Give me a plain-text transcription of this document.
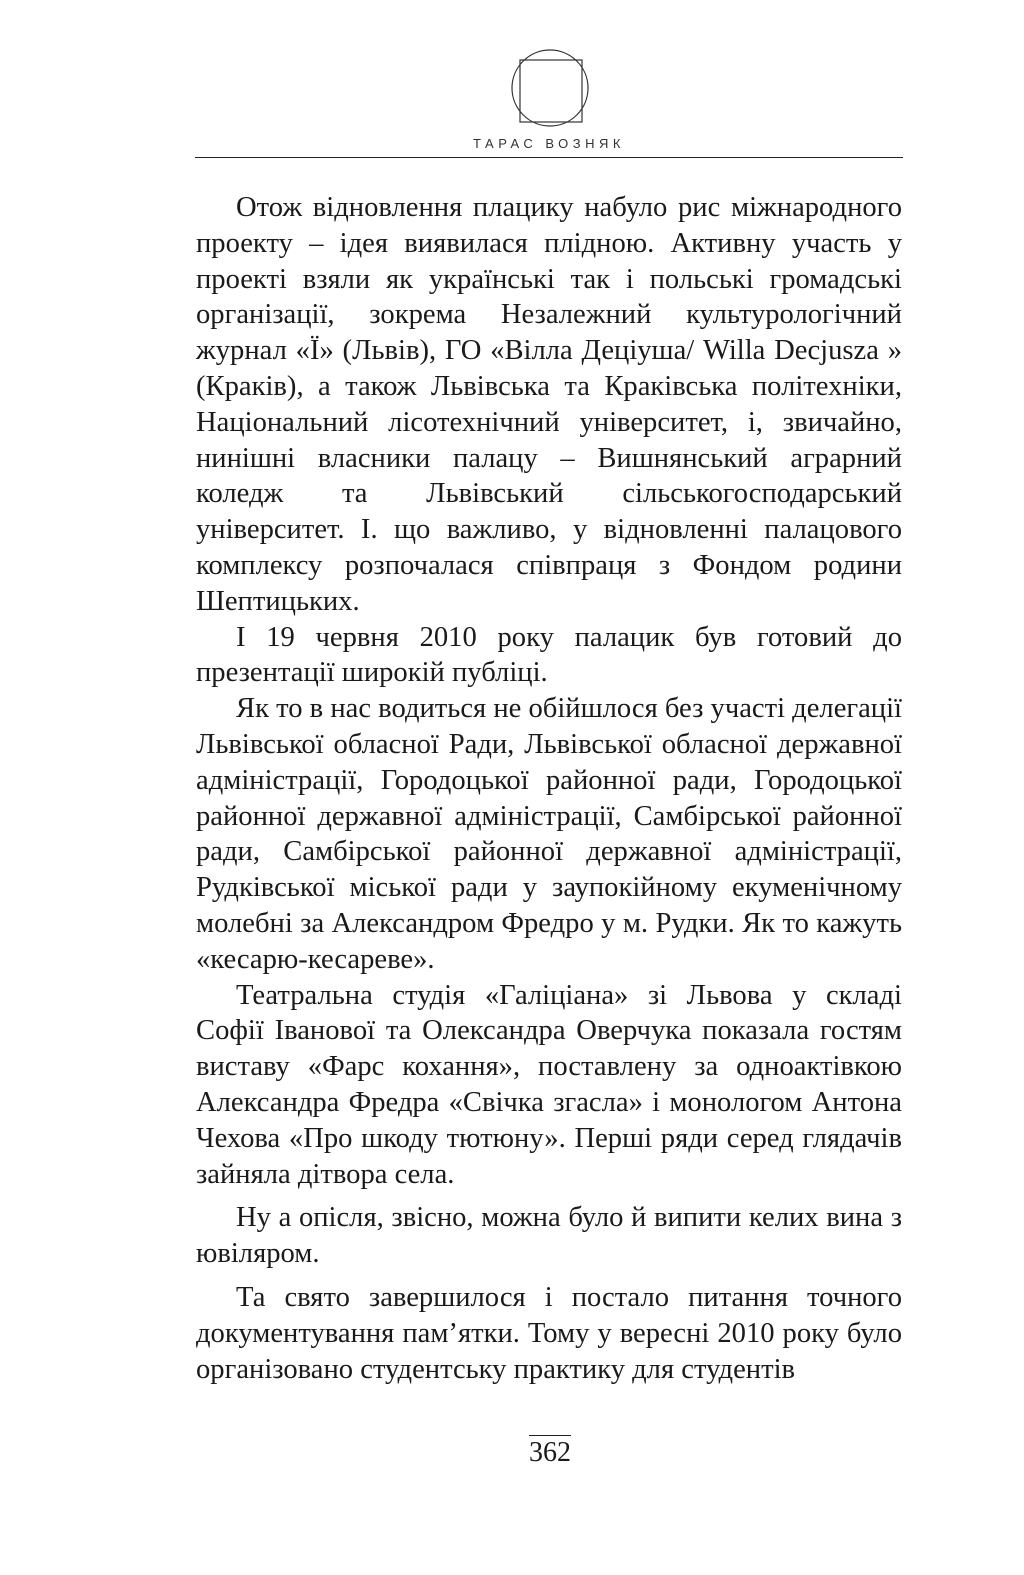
ТАРАС ВОЗНЯК

Отож відновлення плацику набуло рис міжнародного проекту – ідея виявилася плідною. Активну участь у проекті взяли як українські так і польські громадські організації, зокрема Незалежний культурологічний журнал «Ї» (Львів), ГО «Вілла Деціуша/ Willa Decjusza » (Краків), а також Львівська та Краківська політехніки, Національний лісотехнічний університет, і, звичайно, нинішні власники палацу – Вишнянський аграрний коледж та Львівський сільськогосподарський університет. І. що важливо, у відновленні палацового комплексу розпочалася співпраця з Фондом родини Шептицьких.

І 19 червня 2010 року палацик був готовий до презентації широкій публіці.

Як то в нас водиться не обійшлося без участі делегації Львівської обласної Ради, Львівської обласної державної адміністрації, Городоцької районної ради, Городоцької районної державної адміністрації, Самбірської районної ради, Самбірської районної державної адміністрації, Рудківської міської ради у заупокійному екуменічному молебні за Александром Фредро у м. Рудки. Як то кажуть «кесарю-кесареве».

Театральна студія «Галіціана» зі Львова у складі Софії Іванової та Олександра Оверчука показала гостям виставу «Фарс кохання», поставлену за одноактівкою Александра Фредра «Свічка згасла» і монологом Антона Чехова «Про шкоду тютюну». Перші ряди серед глядачів зайняла дітвора села.

Ну а опісля, звісно, можна було й випити келих вина з ювіляром.

Та свято завершилося і постало питання точного документування пам’ятки. Тому у вересні 2010 року було організовано студентську практику для студентів

362
